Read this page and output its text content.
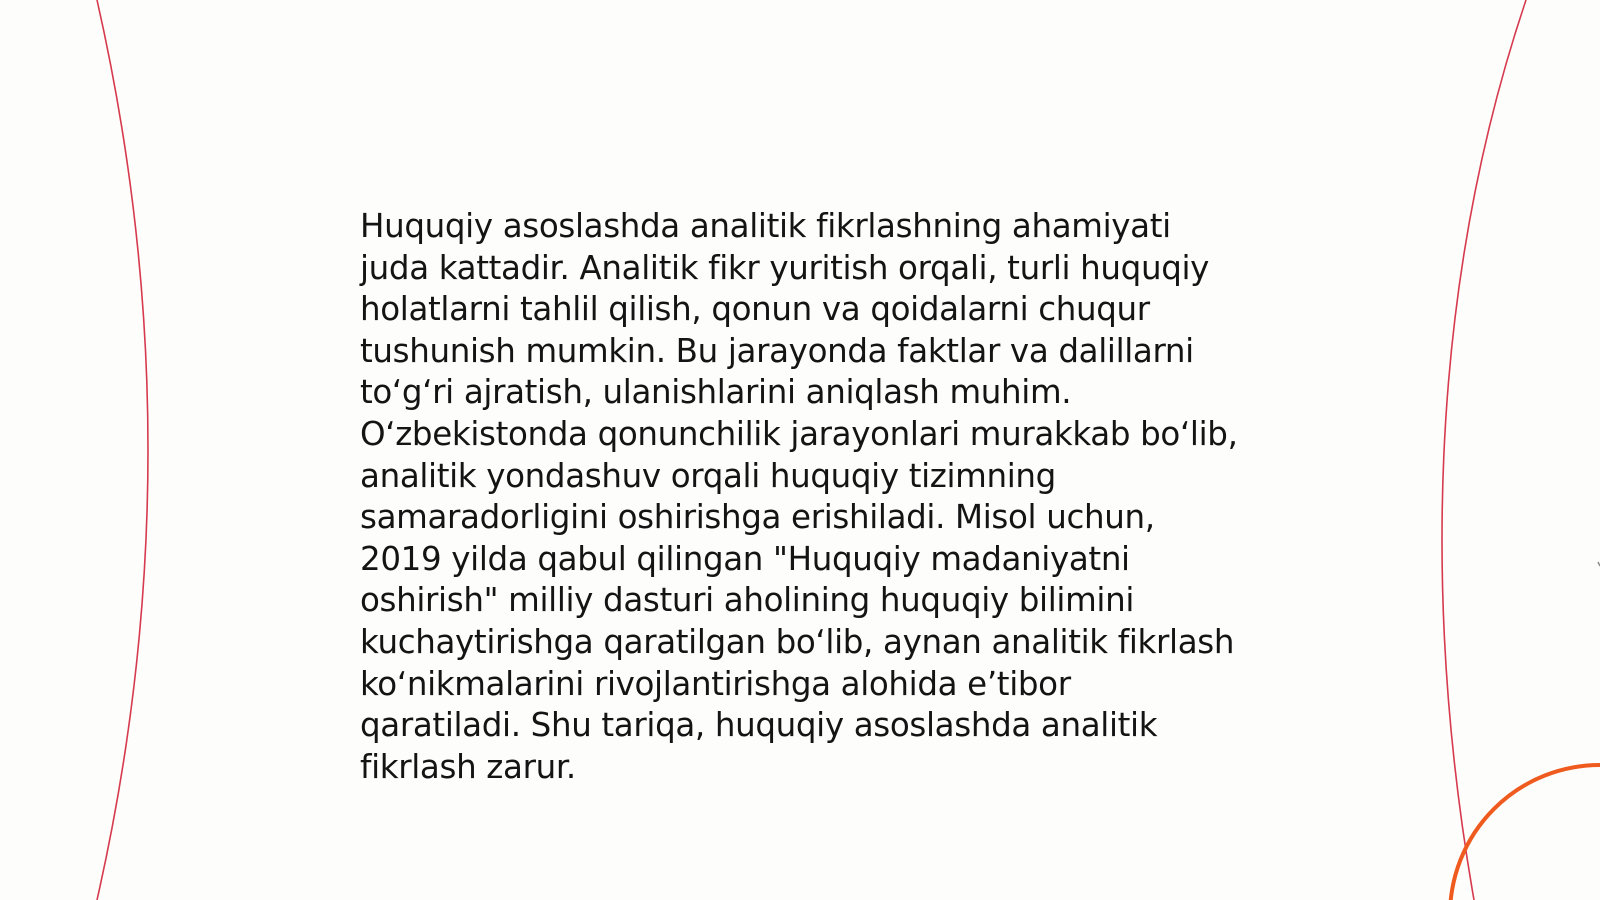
Huquqiy asoslashda analitik fikrlashning ahamiyati juda kattadir. Analitik fikr yuritish orqali, turli huquqiy holatlarni tahlil qilish, qonun va qoidalarni chuqur tushunish mumkin. Bu jarayonda faktlar va dalillarni to‘g‘ri ajratish, ulanishlarini aniqlash muhim. O‘zbekistonda qonunchilik jarayonlari murakkab bo‘lib, analitik yondashuv orqali huquqiy tizimning samaradorligini oshirishga erishiladi. Misol uchun, 2019 yilda qabul qilingan "Huquqiy madaniyatni oshirish" milliy dasturi aholining huquqiy bilimini kuchaytirishga qaratilgan bo‘lib, aynan analitik fikrlash ko‘nikmalarini rivojlantirishga alohida e’tibor qaratiladi. Shu tariqa, huquqiy asoslashda analitik fikrlash zarur.
